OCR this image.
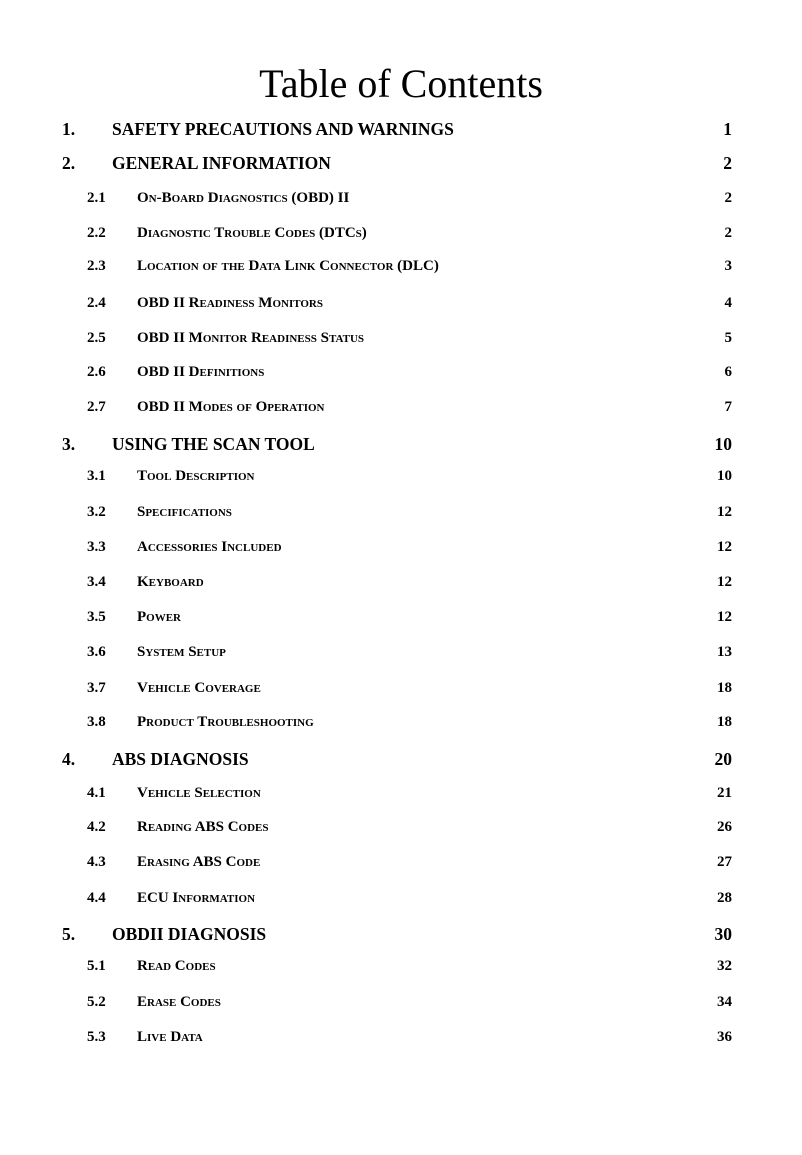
Table of Contents
1.	SAFETY PRECAUTIONS AND WARNINGS	1
2.	GENERAL INFORMATION	2
2.1	On-Board Diagnostics (OBD) II	2
2.2	Diagnostic Trouble Codes (DTCs)	2
2.3	Location of the Data Link Connector (DLC)	3
2.4	OBD II Readiness Monitors	4
2.5	OBD II Monitor Readiness Status	5
2.6	OBD II Definitions	6
2.7	OBD II Modes of Operation	7
3.	USING THE SCAN TOOL	10
3.1	Tool Description	10
3.2	Specifications	12
3.3	Accessories Included	12
3.4	Keyboard	12
3.5	Power	12
3.6	System Setup	13
3.7	Vehicle Coverage	18
3.8	Product Troubleshooting	18
4.	ABS DIAGNOSIS	20
4.1	Vehicle Selection	21
4.2	Reading ABS Codes	26
4.3	Erasing ABS Code	27
4.4	ECU Information	28
5.	OBDII DIAGNOSIS	30
5.1	Read Codes	32
5.2	Erase Codes	34
5.3	Live Data	36
